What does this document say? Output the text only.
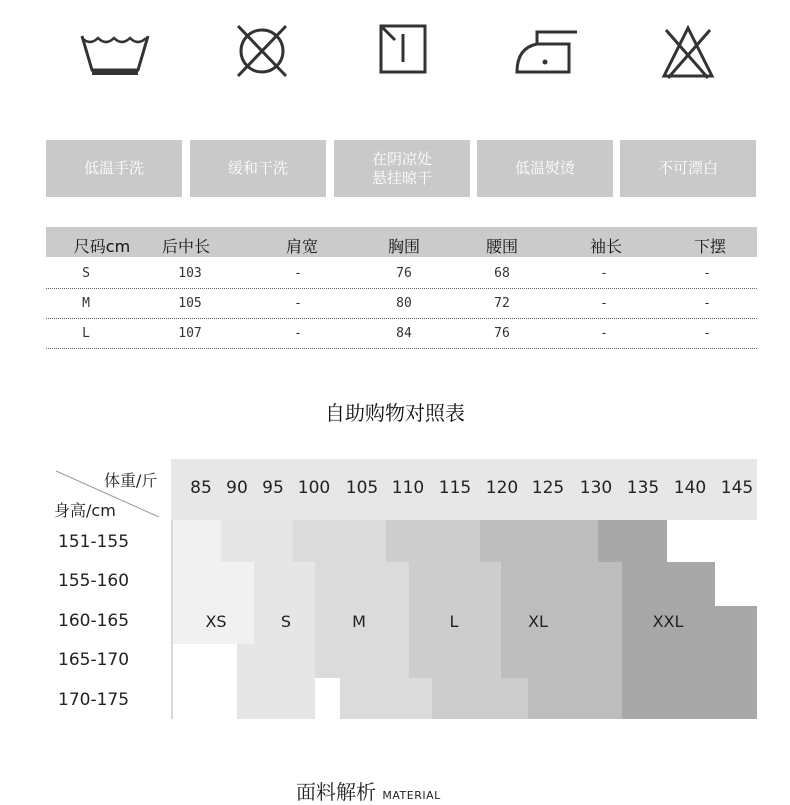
低温手洗	缓和干洗
在阴凉处
悬挂晾干
低温熨烫	不可漂白
尺码cm	后中长	肩宽	胸围	腰围	袖长	下摆
S	103	-	76	68	-	-
M	105	-	80	72	-	-
L	107	-	84	76	-	-
自助购物对照表
体重/斤
身高/cm
85 90 95 100 105 110 115 120 125 130 135 140 145
151-155
155-160
160-165
165-170
170-175
XS	S	M	L	XL	XXL
面料解析 MATERIAL
